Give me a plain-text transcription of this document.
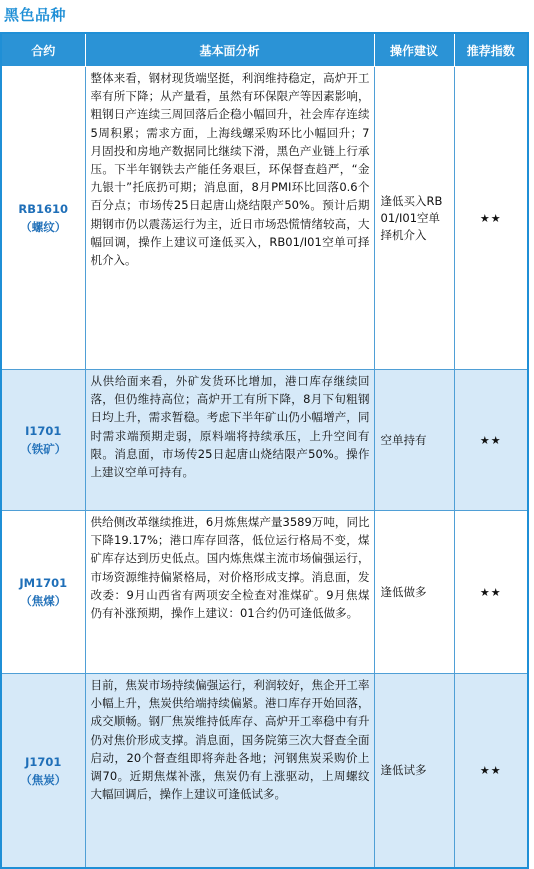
黑色品种
合约	基本面分析	操作建议	推荐指数

RB1610
（螺纹）	整体来看，钢材现货端坚挺，利润维持稳定，高炉开工率有所下降；从产量看，虽然有环保限产等因素影响，粗钢日产连续三周回落后企稳小幅回升，社会库存连续5周积累；需求方面，上海线螺采购环比小幅回升；7月固投和房地产数据同比继续下滑，黑色产业链上行承压。下半年钢铁去产能任务艰巨，环保督查趋严，“金九银十”托底扔可期；消息面，8月PMI环比回落0.6个百分点；市场传25日起唐山烧结限产50%。预计后期期钢市仍以震荡运行为主，近日市场恐慌情绪较高，大幅回调，操作上建议可逢低买入，RB01/I01空单可择机介入。	逢低买入RB01/I01空单择机介入	★★

I1701
（铁矿）	从供给面来看，外矿发货环比增加，港口库存继续回落，但仍维持高位；高炉开工有所下降，8月下旬粗钢日均上升，需求暂稳。考虑下半年矿山仍小幅增产，同时需求端预期走弱，原料端将持续承压，上升空间有限。消息面，市场传25日起唐山烧结限产50%。操作上建议空单可持有。	空单持有	★★

JM1701
（焦煤）	供给侧改革继续推进，6月炼焦煤产量3589万吨，同比下降19.17%；港口库存回落，低位运行格局不变，煤矿库存达到历史低点。国内炼焦煤主流市场偏强运行，市场资源维持偏紧格局，对价格形成支撑。消息面，发改委：9月山西省有两项安全检查对准煤矿。9月焦煤仍有补涨预期，操作上建议：01合约仍可逢低做多。	逢低做多	★★

J1701
（焦炭）	目前，焦炭市场持续偏强运行，利润较好，焦企开工率小幅上升，焦炭供给端持续偏紧。港口库存开始回落，成交顺畅。钢厂焦炭维持低库存、高炉开工率稳中有升仍对焦价形成支撑。消息面，国务院第三次大督查全面启动，20个督查组即将奔赴各地；河钢焦炭采购价上调70。近期焦煤补涨，焦炭仍有上涨驱动，上周螺纹大幅回调后，操作上建议可逢低试多。	逢低试多	★★
